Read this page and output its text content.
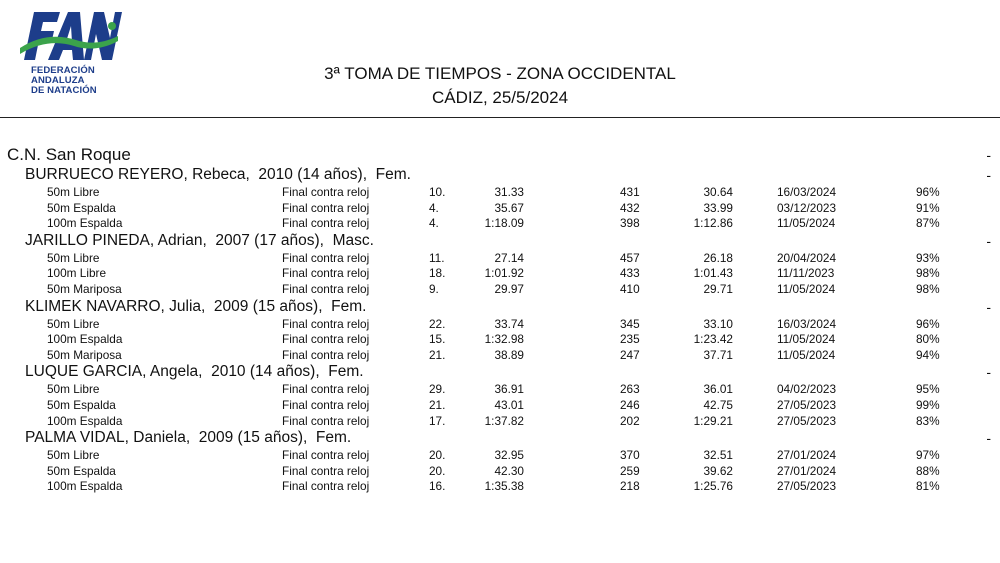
FEDERACIÓN
ANDALUZA
DE NATACIÓN
3ª TOMA DE TIEMPOS - ZONA OCCIDENTAL
CÁDIZ, 25/5/2024
C.N. San Roque	-
BURRUECO REYERO, Rebeca,  2010 (14 años),  Fem.	-
50m Libre	Final contra reloj	10.	31.33	431	30.64	16/03/2024	96%
50m Espalda	Final contra reloj	4.	35.67	432	33.99	03/12/2023	91%
100m Espalda	Final contra reloj	4.	1:18.09	398	1:12.86	11/05/2024	87%
JARILLO PINEDA, Adrian,  2007 (17 años),  Masc.	-
50m Libre	Final contra reloj	11.	27.14	457	26.18	20/04/2024	93%
100m Libre	Final contra reloj	18.	1:01.92	433	1:01.43	11/11/2023	98%
50m Mariposa	Final contra reloj	9.	29.97	410	29.71	11/05/2024	98%
KLIMEK NAVARRO, Julia,  2009 (15 años),  Fem.	-
50m Libre	Final contra reloj	22.	33.74	345	33.10	16/03/2024	96%
100m Espalda	Final contra reloj	15.	1:32.98	235	1:23.42	11/05/2024	80%
50m Mariposa	Final contra reloj	21.	38.89	247	37.71	11/05/2024	94%
LUQUE GARCIA, Angela,  2010 (14 años),  Fem.	-
50m Libre	Final contra reloj	29.	36.91	263	36.01	04/02/2023	95%
50m Espalda	Final contra reloj	21.	43.01	246	42.75	27/05/2023	99%
100m Espalda	Final contra reloj	17.	1:37.82	202	1:29.21	27/05/2023	83%
PALMA VIDAL, Daniela,  2009 (15 años),  Fem.	-
50m Libre	Final contra reloj	20.	32.95	370	32.51	27/01/2024	97%
50m Espalda	Final contra reloj	20.	42.30	259	39.62	27/01/2024	88%
100m Espalda	Final contra reloj	16.	1:35.38	218	1:25.76	27/05/2023	81%
